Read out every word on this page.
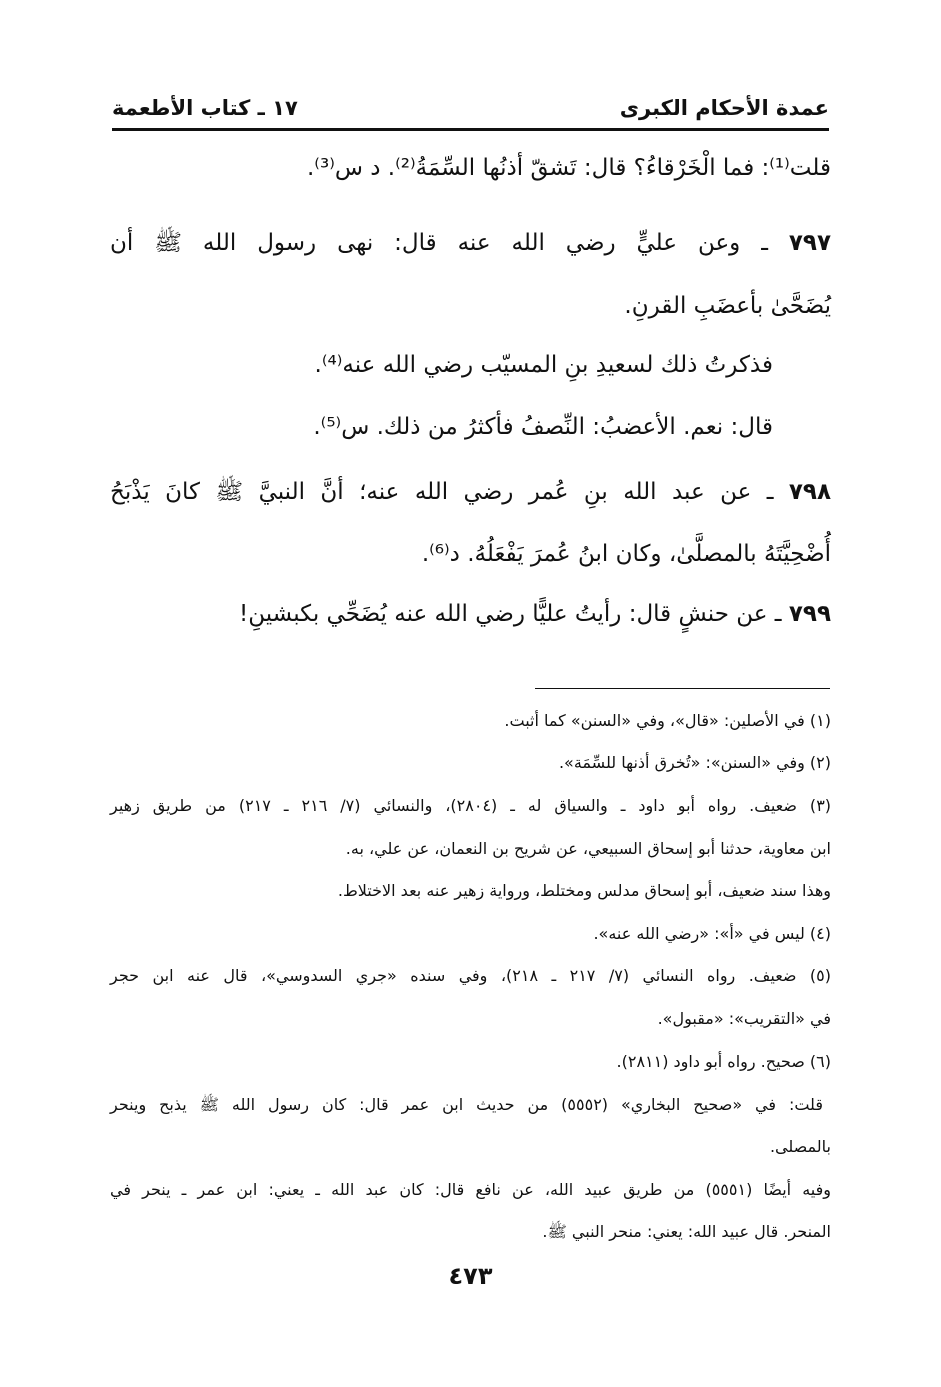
عمدة الأحكام الكبرى
١٧ ـ كتاب الأطعمة
قلت⁽¹⁾: فما الْخَرْقاءُ؟ قال: تَشقّ أذنُها السِّمَةُ⁽²⁾. د س⁽³⁾.
٧٩٧ ـ وعن عليٍّ رضي الله عنه قال: نهى رسول الله ﷺ أن
يُضَحَّىٰ بأعضَبِ القرنِ.
فذكرتُ ذلك لسعيدِ بنِ المسيّب رضي الله عنه⁽⁴⁾.
قال: نعم. الأعضبُ: النِّصفُ فأكثرُ من ذلك. س⁽⁵⁾.
٧٩٨ ـ عن عبد الله بنِ عُمر رضي الله عنه؛ أنَّ النبيَّ ﷺ كانَ يَذْبَحُ
أُضْحِيَّتَهُ بالمصلَّىٰ، وكان ابنُ عُمرَ يَفْعَلُهُ. د⁽⁶⁾.
٧٩٩ ـ عن حنشٍ قال: رأيتُ عليًّا رضي الله عنه يُضَحِّي بكبشينِ!
(١) في الأصلين: «قال»، وفي «السنن» كما أثبت.
(٢) وفي «السنن»: «تُخرق أذنها للسِّمَة».
(٣) ضعيف. رواه أبو داود ـ والسياق له ـ (٢٨٠٤)، والنسائي (٧/ ٢١٦ ـ ٢١٧) من طريق زهير
ابن معاوية، حدثنا أبو إسحاق السبيعي، عن شريح بن النعمان، عن علي، به.
وهذا سند ضعيف، أبو إسحاق مدلس ومختلط، ورواية زهير عنه بعد الاختلاط.
(٤) ليس في «أ»: «رضي الله عنه».
(٥) ضعيف. رواه النسائي (٧/ ٢١٧ ـ ٢١٨)، وفي سنده «جري السدوسي»، قال عنه ابن حجر
في «التقريب»: «مقبول».
(٦) صحيح. رواه أبو داود (٢٨١١).
قلت: في «صحيح البخاري» (٥٥٥٢) من حديث ابن عمر قال: كان رسول الله ﷺ يذبح وينحر
بالمصلى.
وفيه أيضًا (٥٥٥١) من طريق عبيد الله، عن نافع قال: كان عبد الله ـ يعني: ابن عمر ـ ينحر في
المنحر. قال عبيد الله: يعني: منحر النبي ﷺ.
٤٧٣
